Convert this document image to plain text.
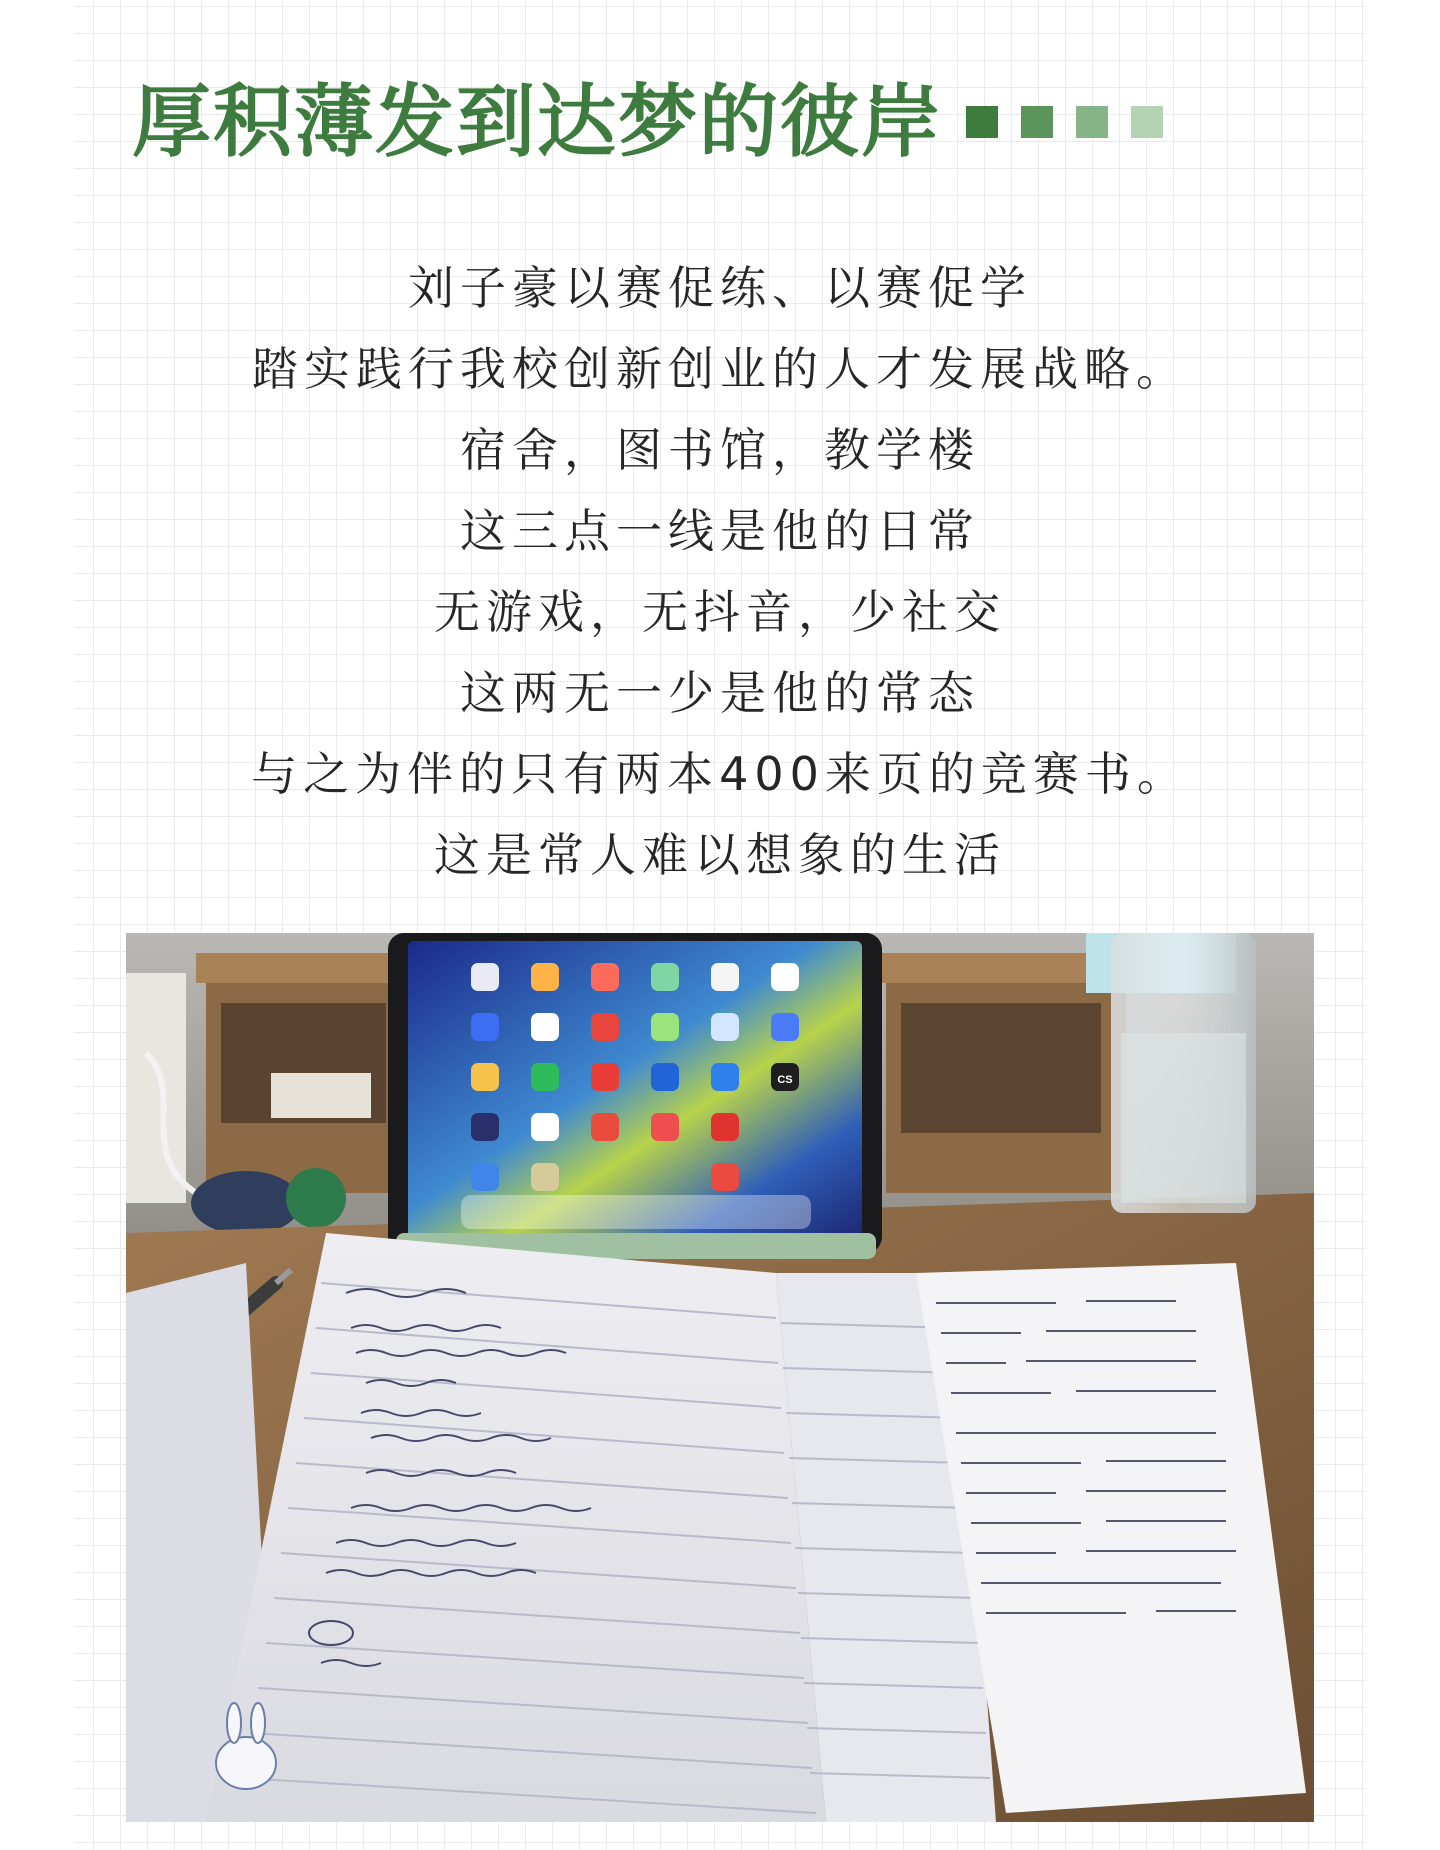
厚积薄发到达梦的彼岸
刘子豪以赛促练、以赛促学
踏实践行我校创新创业的人才发展战略。
宿舍，图书馆，教学楼
这三点一线是他的日常
无游戏，无抖音，少社交
这两无一少是他的常态
与之为伴的只有两本400来页的竞赛书。
这是常人难以想象的生活
CS
